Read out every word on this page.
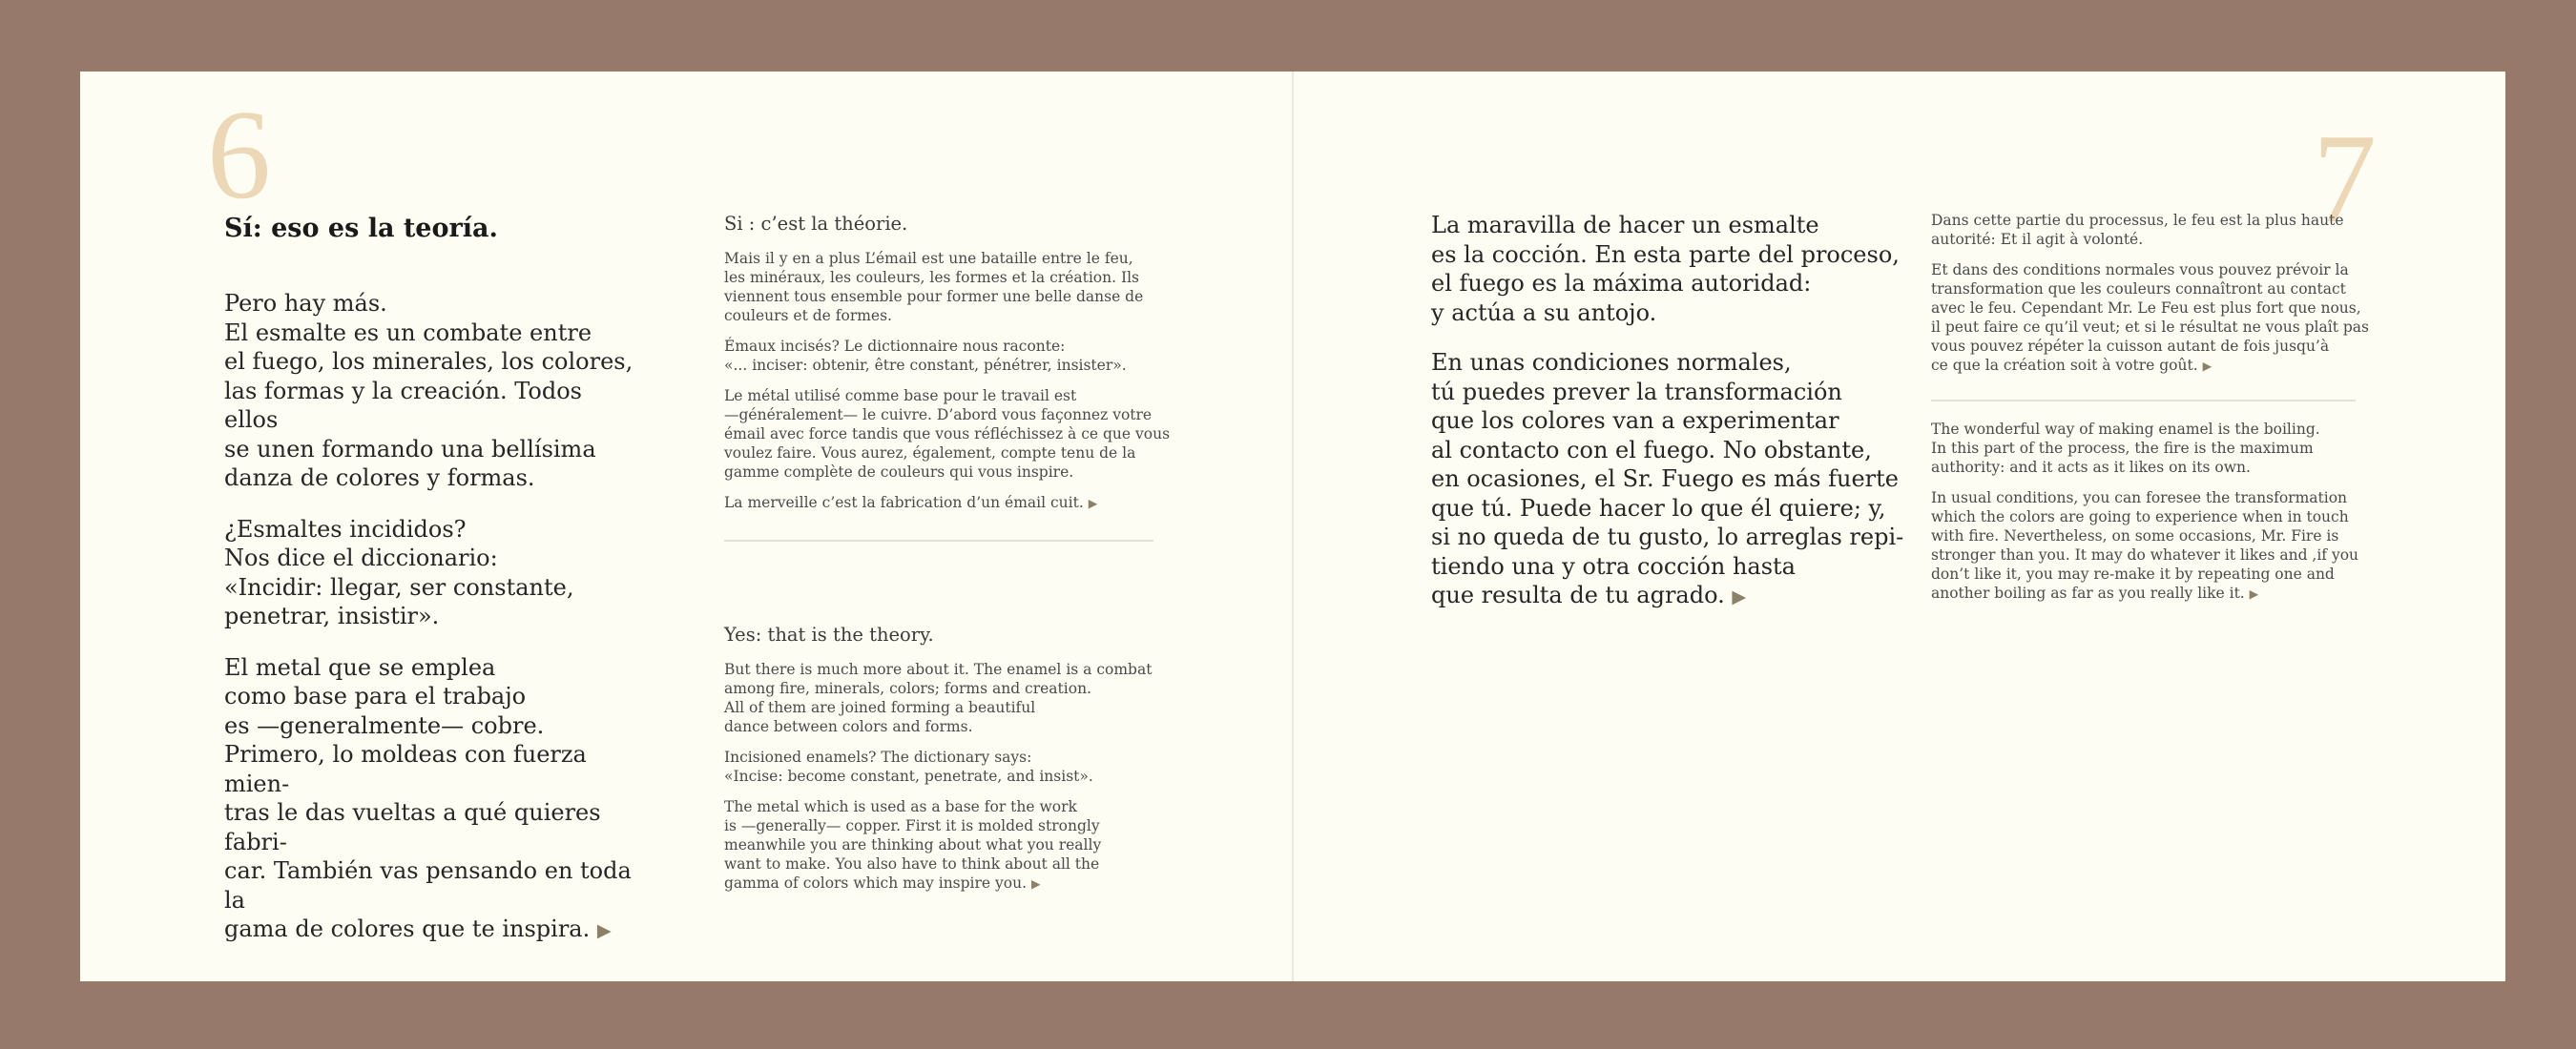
6

Sí: eso es la teoría.

Pero hay más.
El esmalte es un combate entre
el fuego, los minerales, los colores,
las formas y la creación. Todos ellos
se unen formando una bellísima
danza de colores y formas.

¿Esmaltes incididos?
Nos dice el diccionario:
«Incidir: llegar, ser constante,
penetrar, insistir».

El metal que se emplea
como base para el trabajo
es —generalmente— cobre.
Primero, lo moldeas con fuerza mien-
tras le das vueltas a qué quieres fabri-
car. También vas pensando en toda la
gama de colores que te inspira. ▶

Si : c’est la théorie.

Mais il y en a plus L’émail est une bataille entre le feu,
les minéraux, les couleurs, les formes et la création. Ils
viennent tous ensemble pour former une belle danse de
couleurs et de formes.

Émaux incisés? Le dictionnaire nous raconte:
«... inciser: obtenir, être constant, pénétrer, insister».

Le métal utilisé comme base pour le travail est
—généralement— le cuivre. D’abord vous façonnez votre
émail avec force tandis que vous réfléchissez à ce que vous
voulez faire. Vous aurez, également, compte tenu de la
gamme complète de couleurs qui vous inspire.

La merveille c’est la fabrication d’un émail cuit. ▶

Yes: that is the theory.

But there is much more about it. The enamel is a combat
among fire, minerals, colors; forms and creation.
All of them are joined forming a beautiful
dance between colors and forms.

Incisioned enamels? The dictionary says:
«Incise: become constant, penetrate, and insist».

The metal which is used as a base for the work
is —generally— copper. First it is molded strongly
meanwhile you are thinking about what you really
want to make. You also have to think about all the
gamma of colors which may inspire you. ▶

7

La maravilla de hacer un esmalte
es la cocción. En esta parte del proceso,
el fuego es la máxima autoridad:
y actúa a su antojo.

En unas condiciones normales,
tú puedes prever la transformación
que los colores van a experimentar
al contacto con el fuego. No obstante,
en ocasiones, el Sr. Fuego es más fuerte
que tú. Puede hacer lo que él quiere; y,
si no queda de tu gusto, lo arreglas repi-
tiendo una y otra cocción hasta
que resulta de tu agrado. ▶

Dans cette partie du processus, le feu est la plus haute
autorité: Et il agit à volonté.

Et dans des conditions normales vous pouvez prévoir la
transformation que les couleurs connaîtront au contact
avec le feu. Cependant Mr. Le Feu est plus fort que nous,
il peut faire ce qu’il veut; et si le résultat ne vous plaît pas
vous pouvez répéter la cuisson autant de fois jusqu’à
ce que la création soit à votre goût. ▶

The wonderful way of making enamel is the boiling.
In this part of the process, the fire is the maximum
authority: and it acts as it likes on its own.

In usual conditions, you can foresee the transformation
which the colors are going to experience when in touch
with fire. Nevertheless, on some occasions, Mr. Fire is
stronger than you. It may do whatever it likes and ,if you
don’t like it, you may re-make it by repeating one and
another boiling as far as you really like it. ▶
